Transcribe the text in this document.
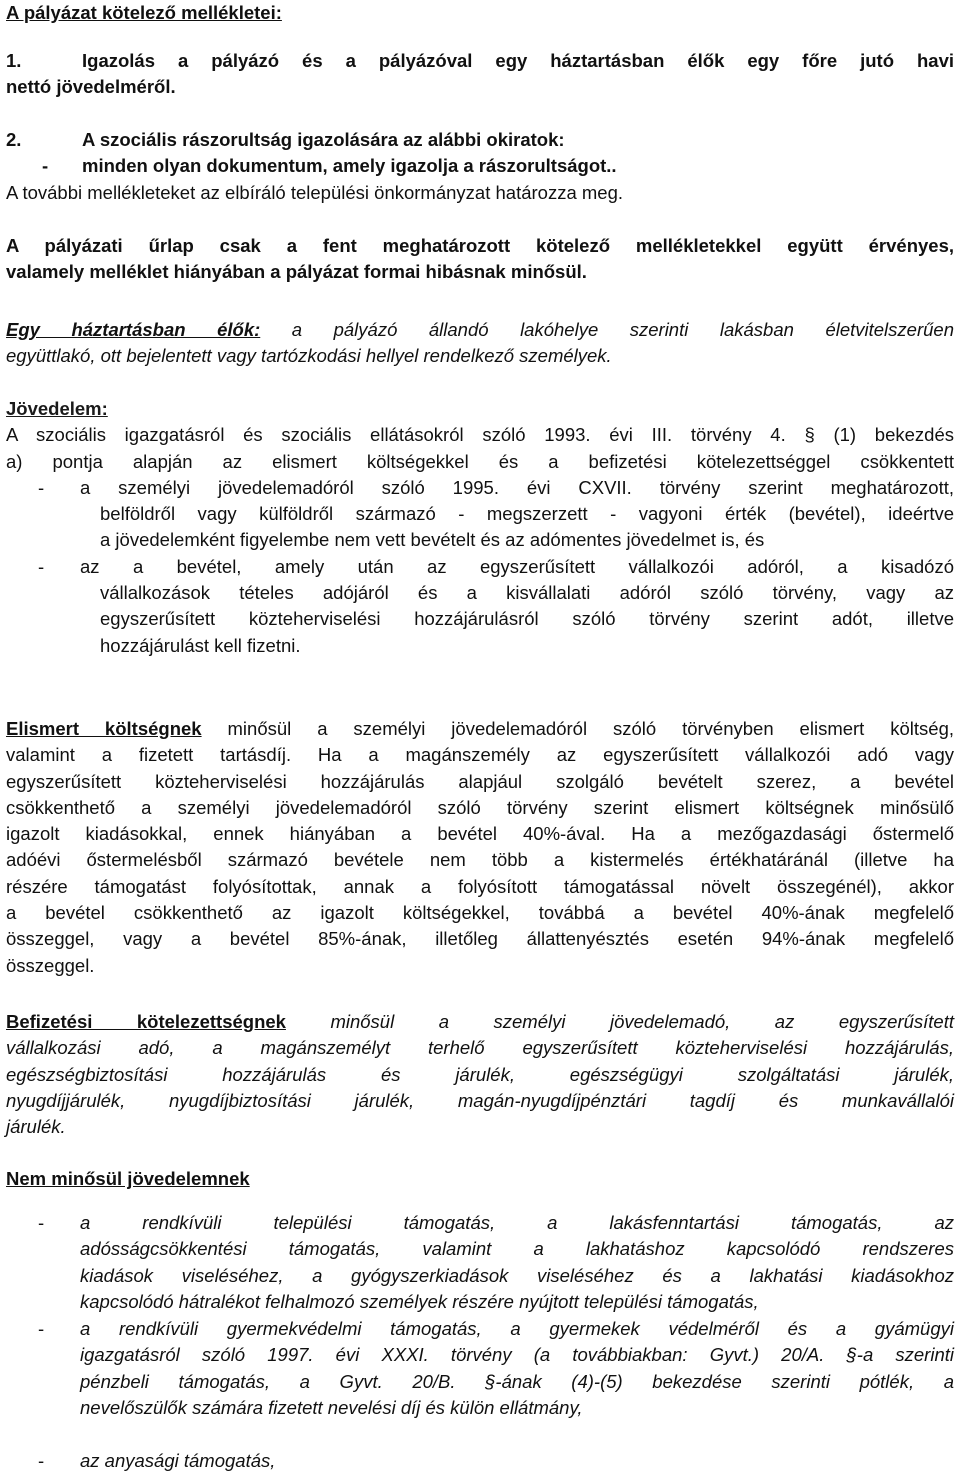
A pályázat kötelező mellékletei:
1.	Igazolás a pályázó és a pályázóval egy háztartásban élők egy főre jutó havi
nettó jövedelméről.
2.	A szociális rászorultság igazolására az alábbi okiratok:
-	minden olyan dokumentum, amely igazolja a rászorultságot..
A további mellékleteket az elbíráló települési önkormányzat határozza meg.
A pályázati űrlap csak a fent meghatározott kötelező mellékletekkel együtt érvényes,
valamely melléklet hiányában a pályázat formai hibásnak minősül.
Egy háztartásban élők: a pályázó állandó lakóhelye szerinti lakásban életvitelszerűen
együttlakó, ott bejelentett vagy tartózkodási hellyel rendelkező személyek.
Jövedelem:
A szociális igazgatásról és szociális ellátásokról szóló 1993. évi III. törvény 4. § (1) bekezdés
a) pontja alapján az elismert költségekkel és a befizetési kötelezettséggel csökkentett
-	a személyi jövedelemadóról szóló 1995. évi CXVII. törvény szerint meghatározott,
belföldről vagy külföldről származó - megszerzett - vagyoni érték (bevétel), ideértve
a jövedelemként figyelembe nem vett bevételt és az adómentes jövedelmet is, és
-	az a bevétel, amely után az egyszerűsített vállalkozói adóról, a kisadózó
vállalkozások tételes adójáról és a kisvállalati adóról szóló törvény, vagy az
egyszerűsített közteherviselési hozzájárulásról szóló törvény szerint adót, illetve
hozzájárulást kell fizetni.
Elismert költségnek minősül a személyi jövedelemadóról szóló törvényben elismert költség,
valamint a fizetett tartásdíj. Ha a magánszemély az egyszerűsített vállalkozói adó vagy
egyszerűsített közteherviselési hozzájárulás alapjául szolgáló bevételt szerez, a bevétel
csökkenthető a személyi jövedelemadóról szóló törvény szerint elismert költségnek minősülő
igazolt kiadásokkal, ennek hiányában a bevétel 40%-ával. Ha a mezőgazdasági őstermelő
adóévi őstermelésből származó bevétele nem több a kistermelés értékhatáránál (illetve ha
részére támogatást folyósítottak, annak a folyósított támogatással növelt összegénél), akkor
a bevétel csökkenthető az igazolt költségekkel, továbbá a bevétel 40%-ának megfelelő
összeggel, vagy a bevétel 85%-ának, illetőleg állattenyésztés esetén 94%-ának megfelelő
összeggel.
Befizetési kötelezettségnek minősül a személyi jövedelemadó, az egyszerűsített
vállalkozási adó, a magánszemélyt terhelő egyszerűsített közteherviselési hozzájárulás,
egészségbiztosítási hozzájárulás és járulék, egészségügyi szolgáltatási járulék,
nyugdíjjárulék, nyugdíjbiztosítási járulék, magán-nyugdíjpénztári tagdíj és munkavállalói
járulék.
Nem minősül jövedelemnek
-	a rendkívüli települési támogatás, a lakásfenntartási támogatás, az
adósságcsökkentési támogatás, valamint a lakhatáshoz kapcsolódó rendszeres
kiadások viseléséhez, a gyógyszerkiadások viseléséhez és a lakhatási kiadásokhoz
kapcsolódó hátralékot felhalmozó személyek részére nyújtott települési támogatás,
-	a rendkívüli gyermekvédelmi támogatás, a gyermekek védelméről és a gyámügyi
igazgatásról szóló 1997. évi XXXI. törvény (a továbbiakban: Gyvt.) 20/A. §-a szerinti
pénzbeli támogatás, a Gyvt. 20/B. §-ának (4)-(5) bekezdése szerinti pótlék, a
nevelőszülők számára fizetett nevelési díj és külön ellátmány,
-	az anyasági támogatás,
